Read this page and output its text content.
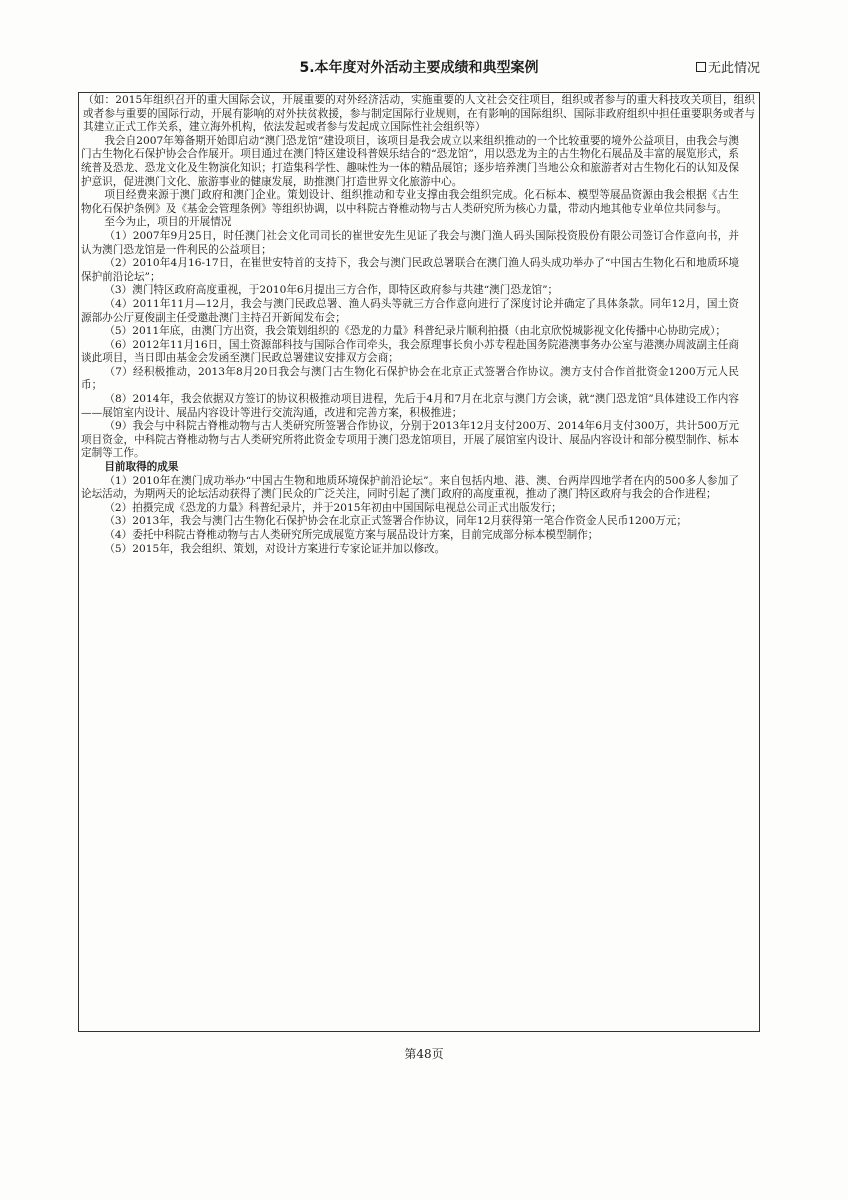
5.本年度对外活动主要成绩和典型案例	无此情况

（如：2015年组织召开的重大国际会议，开展重要的对外经济活动，实施重要的人文社会交往项目，组织或者参与的重大科技攻关项目，组织或者参与重要的国际行动，开展有影响的对外扶贫救援，参与制定国际行业规则，在有影响的国际组织、国际非政府组织中担任重要职务或者与其建立正式工作关系，建立海外机构，依法发起或者参与发起成立国际性社会组织等）

我会自2007年筹备期开始即启动“澳门恐龙馆”建设项目，该项目是我会成立以来组织推动的一个比较重要的境外公益项目，由我会与澳门古生物化石保护协会合作展开。项目通过在澳门特区建设科普娱乐结合的“恐龙馆”，用以恐龙为主的古生物化石展品及丰富的展览形式，系统普及恐龙、恐龙文化及生物演化知识；打造集科学性、趣味性为一体的精品展馆；逐步培养澳门当地公众和旅游者对古生物化石的认知及保护意识，促进澳门文化、旅游事业的健康发展，助推澳门打造世界文化旅游中心。

项目经费来源于澳门政府和澳门企业。策划设计、组织推动和专业支撑由我会组织完成。化石标本、模型等展品资源由我会根据《古生物化石保护条例》及《基金会管理条例》等组织协调，以中科院古脊椎动物与古人类研究所为核心力量，带动内地其他专业单位共同参与。

至今为止，项目的开展情况

（1）2007年9月25日，时任澳门社会文化司司长的崔世安先生见证了我会与澳门渔人码头国际投资股份有限公司签订合作意向书，并认为澳门恐龙馆是一件利民的公益项目；

（2）2010年4月16-17日，在崔世安特首的支持下，我会与澳门民政总署联合在澳门渔人码头成功举办了“中国古生物化石和地质环境保护前沿论坛”；

（3）澳门特区政府高度重视，于2010年6月提出三方合作，即特区政府参与共建“澳门恐龙馆”；

（4）2011年11月—12月，我会与澳门民政总署、渔人码头等就三方合作意向进行了深度讨论并确定了具体条款。同年12月，国土资源部办公厅夏俊副主任受邀赴澳门主持召开新闻发布会；

（5）2011年底，由澳门方出资，我会策划组织的《恐龙的力量》科普纪录片顺利拍摄（由北京欣悦城影视文化传播中心协助完成）；

（6）2012年11月16日，国土资源部科技与国际合作司牵头，我会原理事长贠小苏专程赴国务院港澳事务办公室与港澳办周波副主任商谈此项目，当日即由基金会发函至澳门民政总署建议安排双方会商；

（7）经积极推动，2013年8月20日我会与澳门古生物化石保护协会在北京正式签署合作协议。澳方支付合作首批资金1200万元人民币；

（8）2014年，我会依据双方签订的协议积极推动项目进程，先后于4月和7月在北京与澳门方会谈，就“澳门恐龙馆”具体建设工作内容——展馆室内设计、展品内容设计等进行交流沟通，改进和完善方案，积极推进；

（9）我会与中科院古脊椎动物与古人类研究所签署合作协议，分别于2013年12月支付200万、2014年6月支付300万，共计500万元项目资金，中科院古脊椎动物与古人类研究所将此资金专项用于澳门恐龙馆项目，开展了展馆室内设计、展品内容设计和部分模型制作、标本定制等工作。

目前取得的成果

（1）2010年在澳门成功举办“中国古生物和地质环境保护前沿论坛”。来自包括内地、港、澳、台两岸四地学者在内的500多人参加了论坛活动，为期两天的论坛活动获得了澳门民众的广泛关注，同时引起了澳门政府的高度重视，推动了澳门特区政府与我会的合作进程；

（2）拍摄完成《恐龙的力量》科普纪录片，并于2015年初由中国国际电视总公司正式出版发行；

（3）2013年，我会与澳门古生物化石保护协会在北京正式签署合作协议，同年12月获得第一笔合作资金人民币1200万元；

（4）委托中科院古脊椎动物与古人类研究所完成展览方案与展品设计方案，目前完成部分标本模型制作；

（5）2015年，我会组织、策划，对设计方案进行专家论证并加以修改。

第48页
